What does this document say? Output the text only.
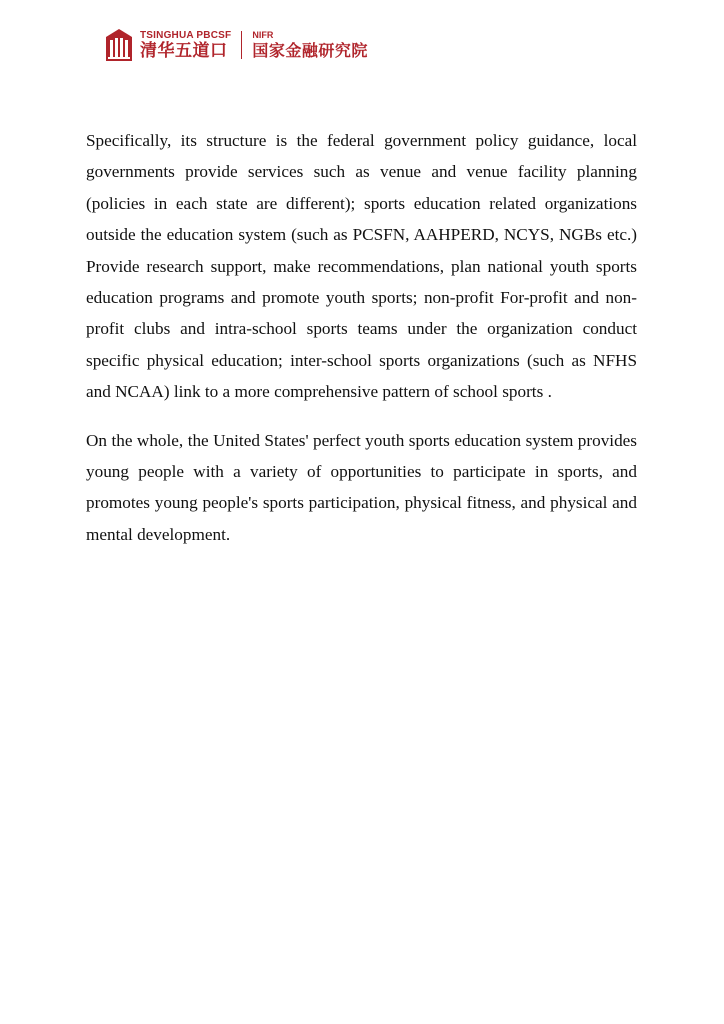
TSINGHUA PBCSF
清华五道口
NIFR
国家金融研究院

Specifically, its structure is the federal government policy guidance, local governments provide services such as venue and venue facility planning (policies in each state are different); sports education related organizations outside the education system (such as PCSFN, AAHPERD, NCYS, NGBs etc.) Provide research support, make recommendations, plan national youth sports education programs and promote youth sports; non-profit For-profit and non-profit clubs and intra-school sports teams under the organization conduct specific physical education; inter-school sports organizations (such as NFHS and NCAA) link to a more comprehensive pattern of school sports .

On the whole, the United States' perfect youth sports education system provides young people with a variety of opportunities to participate in sports, and promotes young people's sports participation, physical fitness, and physical and mental development.
